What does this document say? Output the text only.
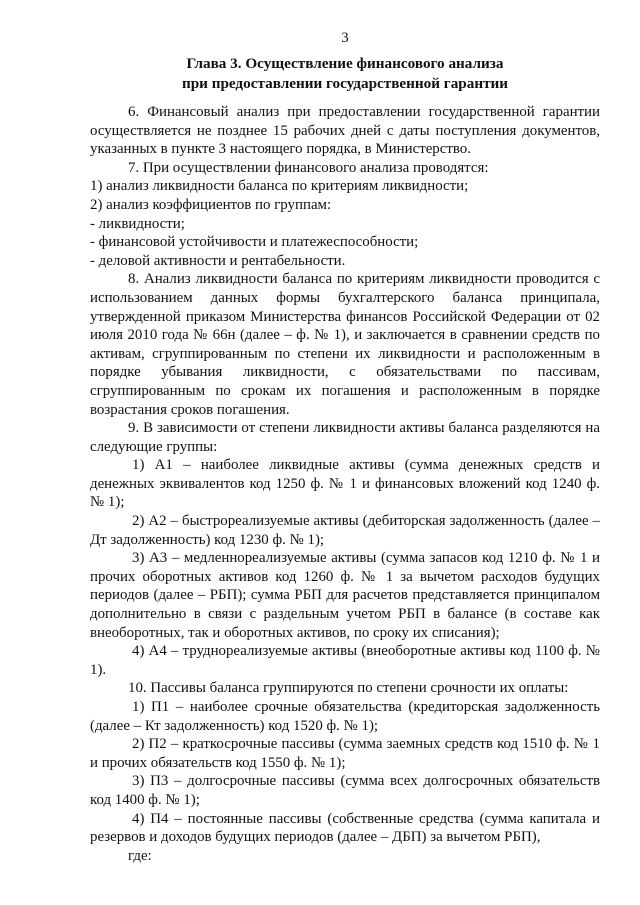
3
Глава 3. Осуществление финансового анализа
при предоставлении государственной гарантии

6. Финансовый анализ при предоставлении государственной гарантии осуществляется не позднее 15 рабочих дней с даты поступления документов, указанных в пункте 3 настоящего порядка, в Министерство.

7. При осуществлении финансового анализа проводятся:

1) анализ ликвидности баланса по критериям ликвидности;

2) анализ коэффициентов по группам:

- ликвидности;

- финансовой устойчивости и платежеспособности;

- деловой активности и рентабельности.

8. Анализ ликвидности баланса по критериям ликвидности проводится с использованием данных формы бухгалтерского баланса принципала, утвержденной приказом Министерства финансов Российской Федерации от 02 июля 2010 года № 66н (далее – ф. № 1), и заключается в сравнении средств по активам, сгруппированным по степени их ликвидности и расположенным в порядке убывания ликвидности, с обязательствами по пассивам, сгруппированным по срокам их погашения и расположенным в порядке возрастания сроков погашения.

9. В зависимости от степени ликвидности активы баланса разделяются на следующие группы:

1) А1 – наиболее ликвидные активы (сумма денежных средств и денежных эквивалентов код 1250 ф. № 1 и финансовых вложений код 1240 ф. № 1);

2) А2 – быстрореализуемые активы (дебиторская задолженность (далее – Дт задолженность) код 1230 ф. № 1);

3) А3 – медленнореализуемые активы (сумма запасов код 1210 ф. № 1 и прочих оборотных активов код 1260 ф. № 1 за вычетом расходов будущих периодов (далее – РБП); сумма РБП для расчетов представляется принципалом дополнительно в связи с раздельным учетом РБП в балансе (в составе как внеоборотных, так и оборотных активов, по сроку их списания);

4) А4 – труднореализуемые активы (внеоборотные активы код 1100 ф. № 1).

10. Пассивы баланса группируются по степени срочности их оплаты:

1) П1 – наиболее срочные обязательства (кредиторская задолженность (далее – Кт задолженность) код 1520 ф. № 1);

2) П2 – краткосрочные пассивы (сумма заемных средств код 1510 ф. № 1 и прочих обязательств код 1550 ф. № 1);

3) П3 – долгосрочные пассивы (сумма всех долгосрочных обязательств код 1400 ф. № 1);

4) П4 – постоянные пассивы (собственные средства (сумма капитала и резервов и доходов будущих периодов (далее – ДБП) за вычетом РБП),

где:
